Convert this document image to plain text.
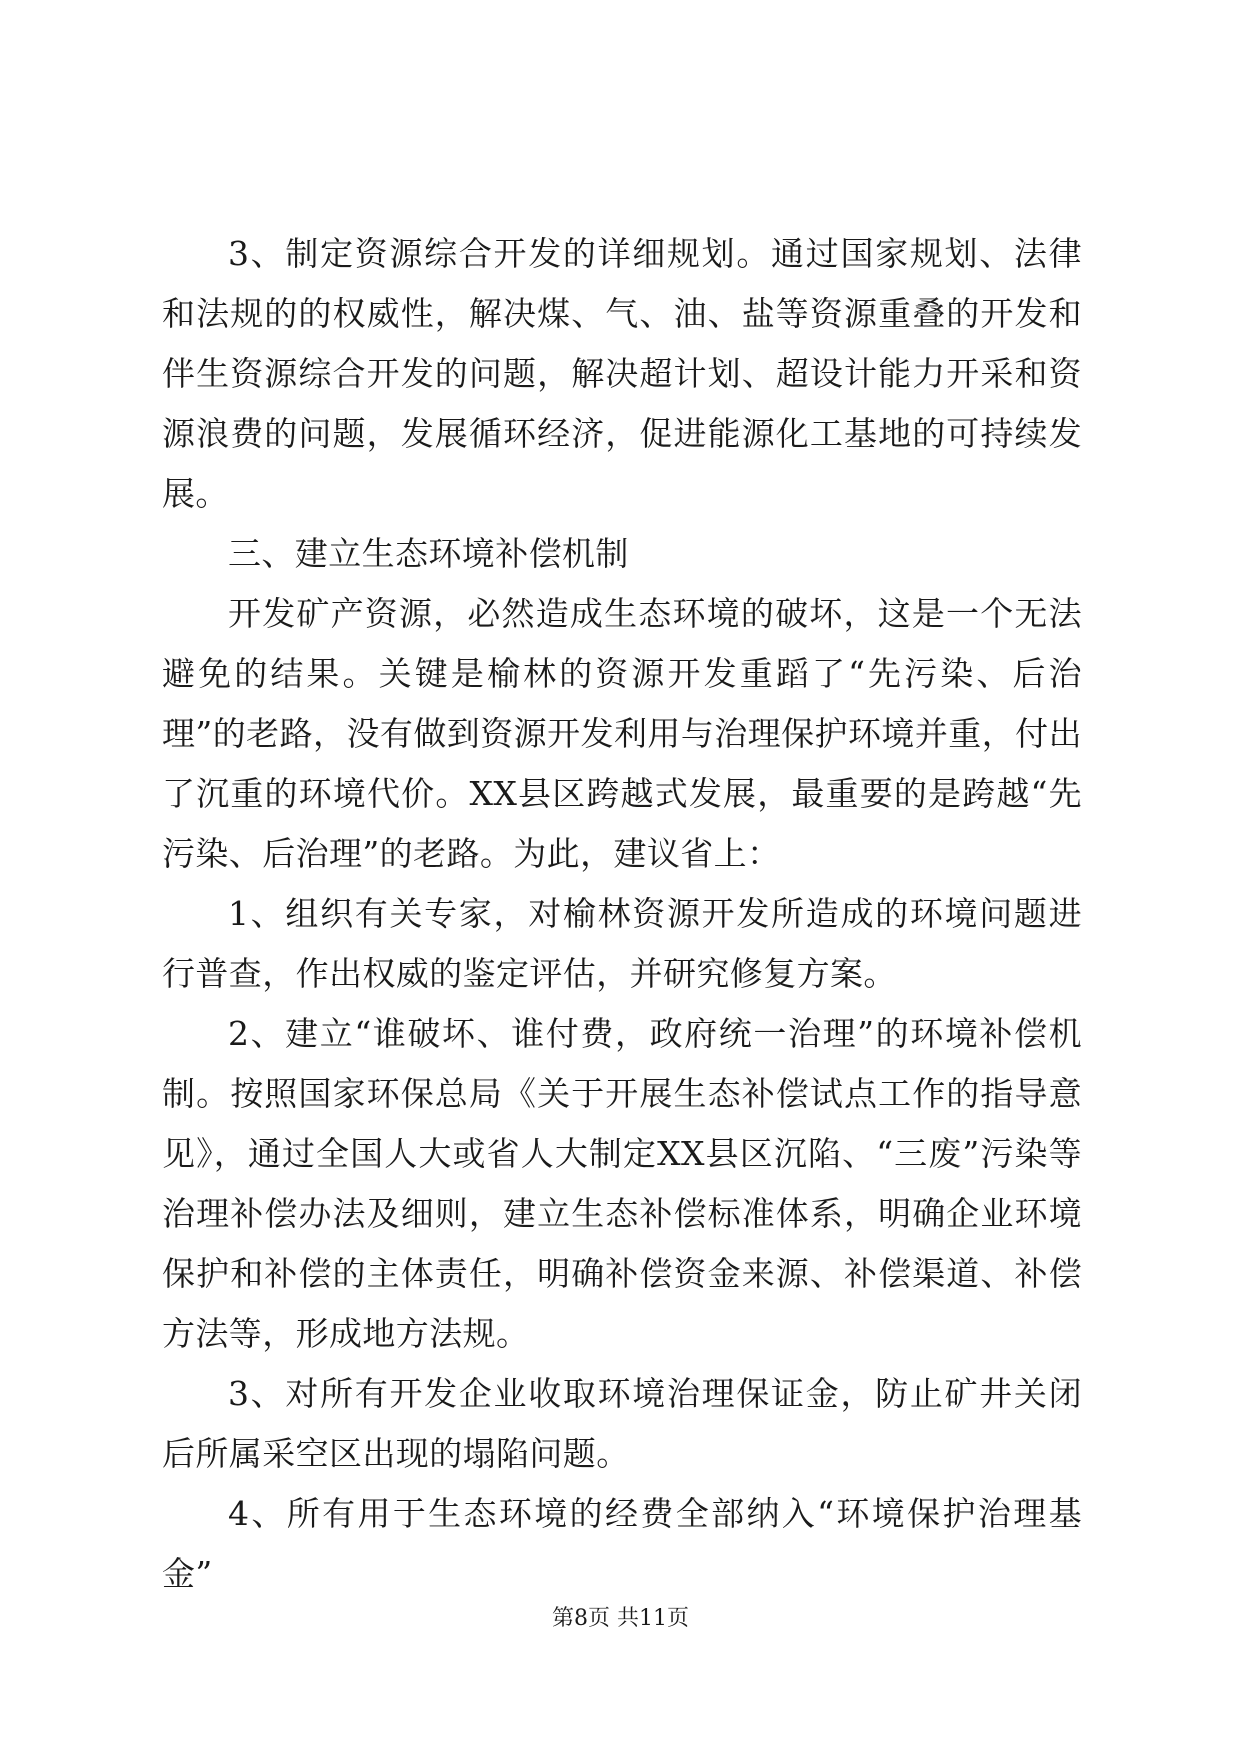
3、制定资源综合开发的详细规划。通过国家规划、法律和法规的的权威性，解决煤、气、油、盐等资源重叠的开发和伴生资源综合开发的问题，解决超计划、超设计能力开采和资源浪费的问题，发展循环经济，促进能源化工基地的可持续发展。

三、建立生态环境补偿机制

开发矿产资源，必然造成生态环境的破坏，这是一个无法避免的结果。关键是榆林的资源开发重蹈了“先污染、后治理”的老路，没有做到资源开发利用与治理保护环境并重，付出了沉重的环境代价。XX县区跨越式发展，最重要的是跨越“先污染、后治理”的老路。为此，建议省上：

1、组织有关专家，对榆林资源开发所造成的环境问题进行普查，作出权威的鉴定评估，并研究修复方案。

2、建立“谁破坏、谁付费，政府统一治理”的环境补偿机制。按照国家环保总局《关于开展生态补偿试点工作的指导意见》，通过全国人大或省人大制定XX县区沉陷、“三废”污染等治理补偿办法及细则，建立生态补偿标准体系，明确企业环境保护和补偿的主体责任，明确补偿资金来源、补偿渠道、补偿方法等，形成地方法规。

3、对所有开发企业收取环境治理保证金，防止矿井关闭后所属采空区出现的塌陷问题。

4、所有用于生态环境的经费全部纳入“环境保护治理基金”

第8页 共11页
